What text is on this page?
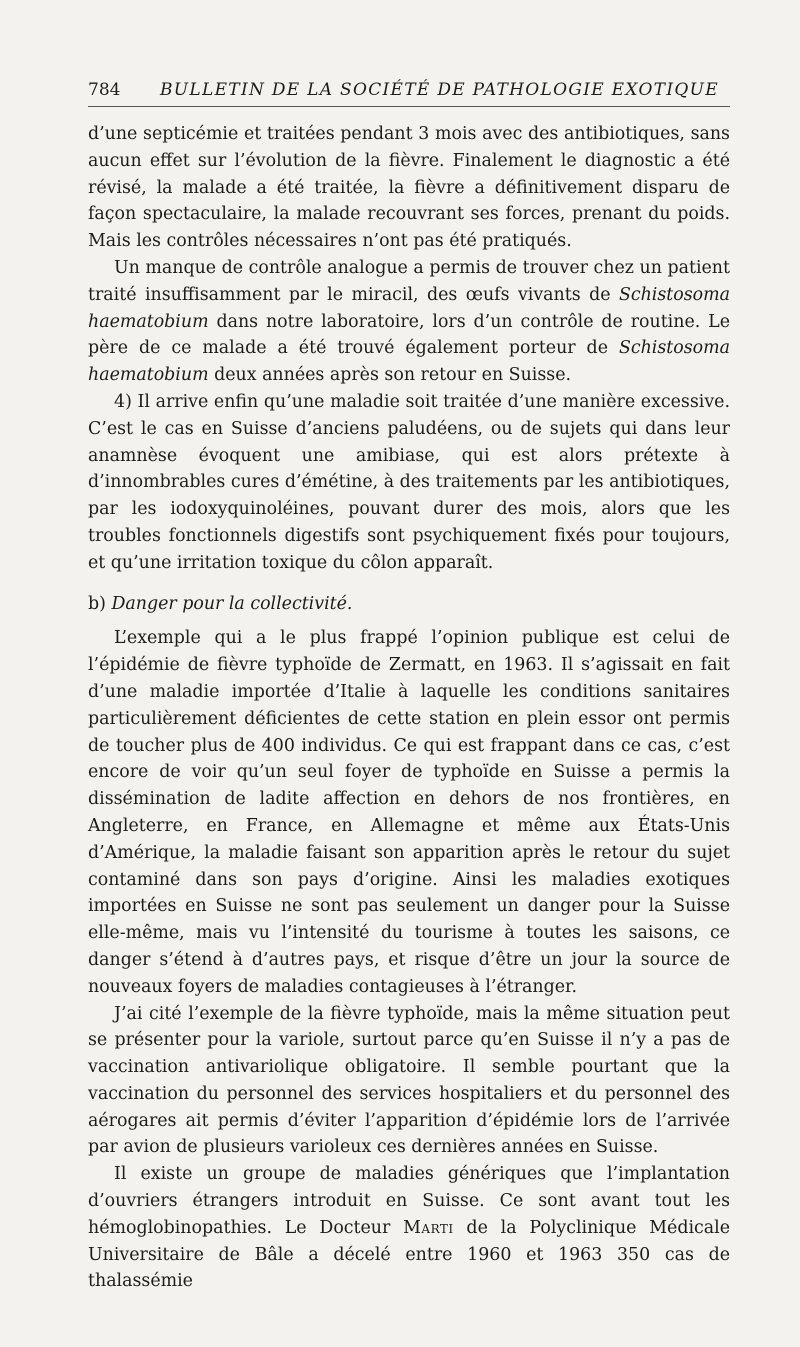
784	BULLETIN DE LA SOCIÉTÉ DE PATHOLOGIE EXOTIQUE

d’une septicémie et traitées pendant 3 mois avec des antibiotiques, sans aucun effet sur l’évolution de la fièvre. Finalement le diagnostic a été révisé, la malade a été traitée, la fièvre a définitivement disparu de façon spectaculaire, la malade recouvrant ses forces, prenant du poids. Mais les contrôles nécessaires n’ont pas été pratiqués.

Un manque de contrôle analogue a permis de trouver chez un patient traité insuffisamment par le miracil, des œufs vivants de Schistosoma haematobium dans notre laboratoire, lors d’un contrôle de routine. Le père de ce malade a été trouvé également porteur de Schistosoma haematobium deux années après son retour en Suisse.

4) Il arrive enfin qu’une maladie soit traitée d’une manière excessive. C’est le cas en Suisse d’anciens paludéens, ou de sujets qui dans leur anamnèse évoquent une amibiase, qui est alors prétexte à d’innombrables cures d’émétine, à des traitements par les antibiotiques, par les iodoxyquinoléines, pouvant durer des mois, alors que les troubles fonctionnels digestifs sont psychiquement fixés pour toujours, et qu’une irritation toxique du côlon apparaît.

b) Danger pour la collectivité.

L’exemple qui a le plus frappé l’opinion publique est celui de l’épidémie de fièvre typhoïde de Zermatt, en 1963. Il s’agissait en fait d’une maladie importée d’Italie à laquelle les conditions sanitaires particulièrement déficientes de cette station en plein essor ont permis de toucher plus de 400 individus. Ce qui est frappant dans ce cas, c’est encore de voir qu’un seul foyer de typhoïde en Suisse a permis la dissémination de ladite affection en dehors de nos frontières, en Angleterre, en France, en Allemagne et même aux États-Unis d’Amérique, la maladie faisant son apparition après le retour du sujet contaminé dans son pays d’origine. Ainsi les maladies exotiques importées en Suisse ne sont pas seulement un danger pour la Suisse elle-même, mais vu l’intensité du tourisme à toutes les saisons, ce danger s’étend à d’autres pays, et risque d’être un jour la source de nouveaux foyers de maladies contagieuses à l’étranger.

J’ai cité l’exemple de la fièvre typhoïde, mais la même situation peut se présenter pour la variole, surtout parce qu’en Suisse il n’y a pas de vaccination antivariolique obligatoire. Il semble pourtant que la vaccination du personnel des services hospitaliers et du personnel des aérogares ait permis d’éviter l’apparition d’épidémie lors de l’arrivée par avion de plusieurs varioleux ces dernières années en Suisse.

Il existe un groupe de maladies génériques que l’implantation d’ouvriers étrangers introduit en Suisse. Ce sont avant tout les hémoglobinopathies. Le Docteur Marti de la Polyclinique Médicale Universitaire de Bâle a décelé entre 1960 et 1963 350 cas de thalassémie
